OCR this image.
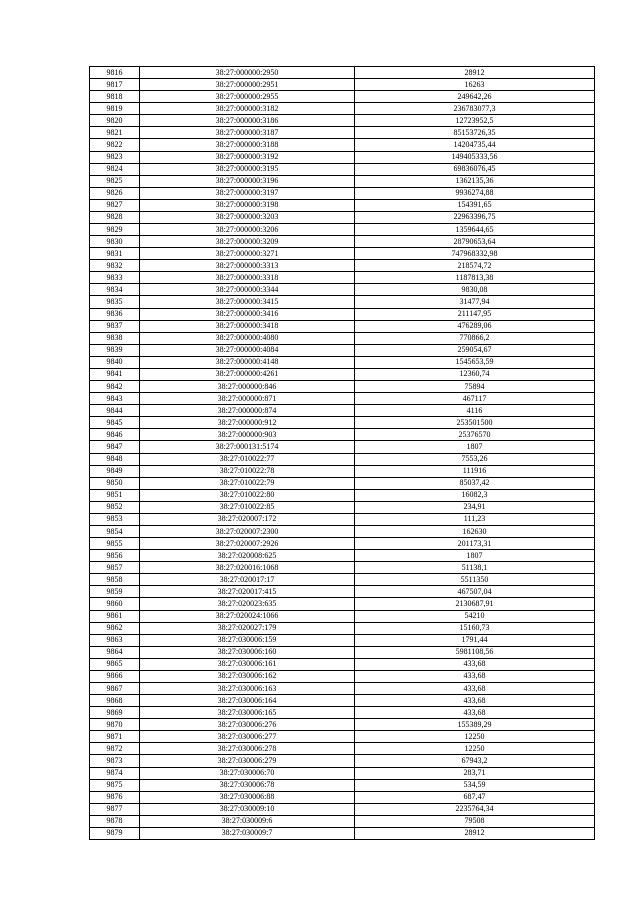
9816	38:27:000000:2950	28912
9817	38:27:000000:2951	16263
9818	38:27:000000:2955	249642,26
9819	38:27:000000:3182	236783077,3
9820	38:27:000000:3186	12723952,5
9821	38:27:000000:3187	85153726,35
9822	38:27:000000:3188	14204735,44
9823	38:27:000000:3192	149405333,56
9824	38:27:000000:3195	69836076,45
9825	38:27:000000:3196	1362135,36
9826	38:27:000000:3197	9936274,88
9827	38:27:000000:3198	154391,65
9828	38:27:000000:3203	22963396,75
9829	38:27:000000:3206	1359644,65
9830	38:27:000000:3209	28790653,64
9831	38:27:000000:3271	747968332,98
9832	38:27:000000:3313	218574,72
9833	38:27:000000:3318	1187813,38
9834	38:27:000000:3344	9830,08
9835	38:27:000000:3415	31477,94
9836	38:27:000000:3416	211147,95
9837	38:27:000000:3418	476289,06
9838	38:27:000000:4080	770866,2
9839	38:27:000000:4084	259054,67
9840	38:27:000000:4148	1545653,59
9841	38:27:000000:4261	12360,74
9842	38:27:000000:846	75894
9843	38:27:000000:871	467117
9844	38:27:000000:874	4116
9845	38:27:000000:912	253501500
9846	38:27:000000:903	25376570
9847	38:27:000131:5174	1807
9848	38:27:010022:77	7553,26
9849	38:27:010022:78	111916
9850	38:27:010022:79	85037,42
9851	38:27:010022:80	16082,3
9852	38:27:010022:85	234,91
9853	38:27:020007:172	111,23
9854	38:27:020007:2300	162630
9855	38:27:020007:2926	201173,31
9856	38:27:020008:625	1807
9857	38:27:020016:1068	51138,1
9858	38:27:020017:17	5511350
9859	38:27:020017:415	467507,04
9860	38:27:020023:635	2130687,91
9861	38:27:020024:1066	54210
9862	38:27:020027:179	15160,73
9863	38:27:030006:159	1791,44
9864	38:27:030006:160	5981108,56
9865	38:27:030006:161	433,68
9866	38:27:030006:162	433,68
9867	38:27:030006:163	433,68
9868	38:27:030006:164	433,68
9869	38:27:030006:165	433,68
9870	38:27:030006:276	155389,29
9871	38:27:030006:277	12250
9872	38:27:030006:278	12250
9873	38:27:030006:279	67943,2
9874	38:27:030006:70	283,71
9875	38:27:030006:78	534,59
9876	38:27:030006:88	687,47
9877	38:27:030009:10	2235764,34
9878	38:27:030009:6	79508
9879	38:27:030009:7	28912
